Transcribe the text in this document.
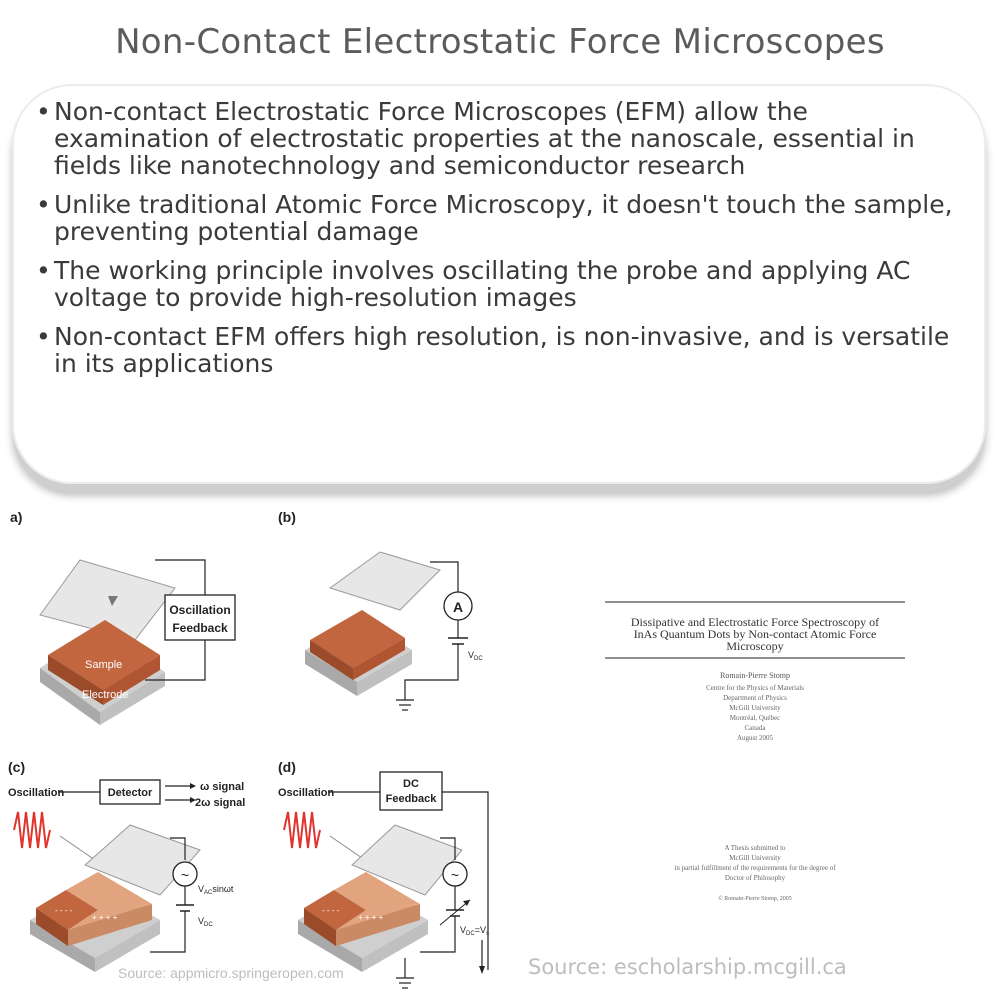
Non-Contact Electrostatic Force Microscopes
• Non-contact Electrostatic Force Microscopes (EFM) allow the examination of electrostatic properties at the nanoscale, essential in fields like nanotechnology and semiconductor research
• Unlike traditional Atomic Force Microscopy, it doesn't touch the sample, preventing potential damage
• The working principle involves oscillating the probe and applying AC voltage to provide high-resolution images
• Non-contact EFM offers high resolution, is non-invasive, and is versatile in its applications
a)
Sample
Electrode
Oscillation
Feedback
(b)
A
$V_{DC}$
(c)
Oscillation	Detector	ω signal
2ω signal
- - - -
+ + + +
~
$V_{AC}\sin\omega t$
$V_{DC}$
(d)
Oscillation
DC
Feedback
- - - -
+ + + +
~
$V_{DC}=V_s$
Source: appmicro.springeropen.com
Dissipative and Electrostatic Force Spectroscopy of
InAs Quantum Dots by Non-contact Atomic Force
Microscopy
Romain-Pierre Stomp
Centre for the Physics of Materials
Department of Physics
McGill University
Montréal, Québec
Canada
August 2005
A Thesis submitted to
McGill University
in partial fulfillment of the requirements for the degree of
Doctor of Philosophy
© Romain-Pierre Stomp, 2005
Source: escholarship.mcgill.ca
